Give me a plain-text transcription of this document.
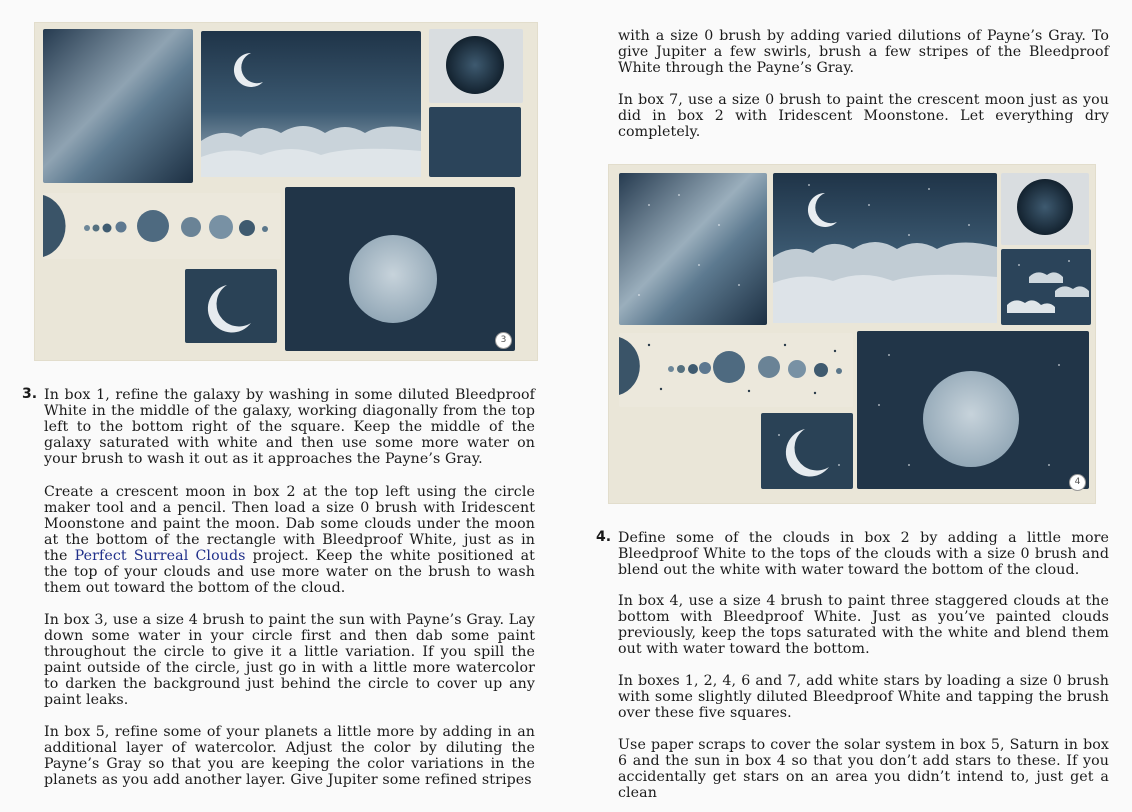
3
4
3. In box 1, refine the galaxy by washing in some diluted Bleedproof White in the middle of the galaxy, working diagonally from the top left to the bottom right of the square. Keep the middle of the galaxy saturated with white and then use some more water on your brush to wash it out as it approaches the Payne’s Gray.

Create a crescent moon in box 2 at the top left using the circle maker tool and a pencil. Then load a size 0 brush with Iridescent Moonstone and paint the moon. Dab some clouds under the moon at the bottom of the rectangle with Bleedproof White, just as in the Perfect Surreal Clouds project. Keep the white positioned at the top of your clouds and use more water on the brush to wash them out toward the bottom of the cloud.

In box 3, use a size 4 brush to paint the sun with Payne’s Gray. Lay down some water in your circle first and then dab some paint throughout the circle to give it a little variation. If you spill the paint outside of the circle, just go in with a little more watercolor to darken the background just behind the circle to cover up any paint leaks.

In box 5, refine some of your planets a little more by adding in an additional layer of watercolor. Adjust the color by diluting the Payne’s Gray so that you are keeping the color variations in the planets as you add another layer. Give Jupiter some refined stripes

with a size 0 brush by adding varied dilutions of Payne’s Gray. To give Jupiter a few swirls, brush a few stripes of the Bleedproof White through the Payne’s Gray.

In box 7, use a size 0 brush to paint the crescent moon just as you did in box 2 with Iridescent Moonstone. Let everything dry completely.

4. Define some of the clouds in box 2 by adding a little more Bleedproof White to the tops of the clouds with a size 0 brush and blend out the white with water toward the bottom of the cloud.

In box 4, use a size 4 brush to paint three staggered clouds at the bottom with Bleedproof White. Just as you’ve painted clouds previously, keep the tops saturated with the white and blend them out with water toward the bottom.

In boxes 1, 2, 4, 6 and 7, add white stars by loading a size 0 brush with some slightly diluted Bleedproof White and tapping the brush over these five squares.

Use paper scraps to cover the solar system in box 5, Saturn in box 6 and the sun in box 4 so that you don’t add stars to these. If you accidentally get stars on an area you didn’t intend to, just get a clean
